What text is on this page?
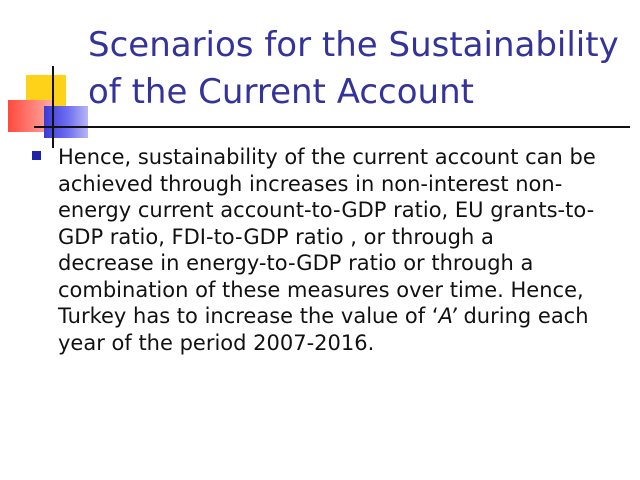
Scenarios for the Sustainability
of the Current Account

Hence, sustainability of the current account can be
achieved through increases in non-interest non-
energy current account-to-GDP ratio, EU grants-to-
GDP ratio, FDI-to-GDP ratio , or through a
decrease in energy-to-GDP ratio or through a
combination of these measures over time. Hence,
Turkey has to increase the value of ‘A’ during each
year of the period 2007-2016.
